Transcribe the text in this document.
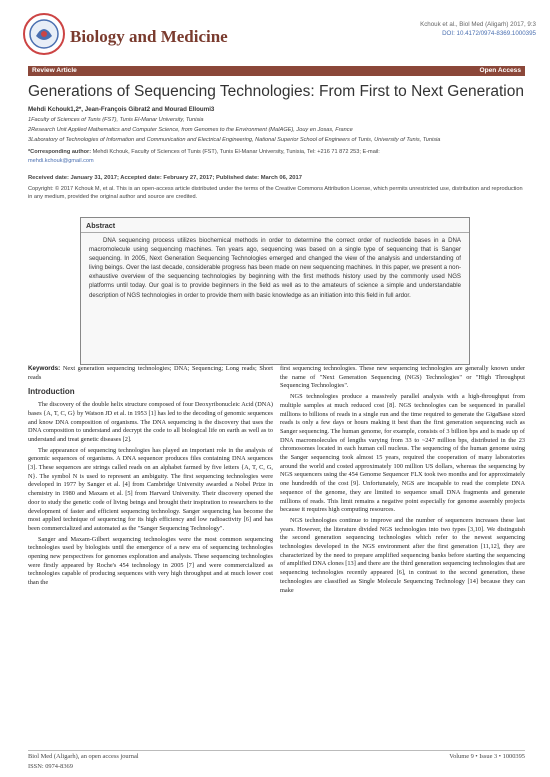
Biology and Medicine
Kchouk et al., Biol Med (Aligarh) 2017, 9:3
DOI: 10.4172/0974-8369.1000395
Review Article	Open Access
Generations of Sequencing Technologies: From First to Next Generation
Mehdi Kchouk1,2*, Jean-François Gibrat2 and Mourad Elloumi3
1Faculty of Sciences of Tunis (FST), Tunis El-Manar University, Tunisia
2Research Unit Applied Mathematics and Computer Science, from Genomes to the Environment (MaIAGE), Jouy en Josas, France
3Laboratory of Technologies of Information and Communication and Electrical Engineering, National Superior School of Engineers of Tunis, University of Tunis, Tunisia
*Corresponding author: Mehdi Kchouk, Faculty of Sciences of Tunis (FST), Tunis El-Manar University, Tunisia, Tel: +216 71 872 253; E-mail:
mehdi.kchouk@gmail.com
Received date: January 31, 2017; Accepted date: February 27, 2017; Published date: March 06, 2017
Copyright: © 2017 Kchouk M, et al. This is an open-access article distributed under the terms of the Creative Commons Attribution License, which permits unrestricted use, distribution and reproduction in any medium, provided the original author and source are credited.
Abstract
DNA sequencing process utilizes biochemical methods in order to determine the correct order of nucleotide bases in a DNA macromolecule using sequencing machines. Ten years ago, sequencing was based on a single type of sequencing that is Sanger sequencing. In 2005, Next Generation Sequencing Technologies emerged and changed the view of the analysis and understanding of living beings. Over the last decade, considerable progress has been made on new sequencing machines. In this paper, we present a non-exhaustive overview of the sequencing technologies by beginning with the first methods history used by the commonly used NGS platforms until today. Our goal is to provide beginners in the field as well as to the amateurs of science a simple and understandable description of NGS technologies in order to provide them with basic knowledge as an initiation into this field in full ardor.

Keywords: Next generation sequencing technologies; DNA; Sequencing; Long reads; Short reads

Introduction

The discovery of the double helix structure composed of four Deoxyribonucleic Acid (DNA) bases {A, T, C, G} by Watson JD et al. in 1953 [1] has led to the decoding of genomic sequences and know DNA composition of organisms. The DNA sequencing is the discovery that uses the DNA composition to understand and decrypt the code to all biological life on earth as well as to understand and treat genetic diseases [2].

The appearance of sequencing technologies has played an important role in the analysis of genomic sequences of organisms. A DNA sequencer produces files containing DNA sequences [3]. These sequences are strings called reads on an alphabet farmed by five letters {A, T, C, G, N}. The symbol N is used to represent an ambiguity. The first sequencing technologies were developed in 1977 by Sanger et al. [4] from Cambridge University awarded a Nobel Prize in chemistry in 1980 and Maxam et al. [5] from Harvard University. Their discovery opened the door to study the genetic code of living beings and brought their inspiration to researchers to the development of faster and efficient sequencing technology. Sanger sequencing has become the most applied technique of sequencing for its high efficiency and low radioactivity [6] and has been commercialized and automated as the "Sanger Sequencing Technology".

Sanger and Maxam-Gilbert sequencing technologies were the most common sequencing technologies used by biologists until the emergence of a new era of sequencing technologies opening new perspectives for genomes exploration and analysis. These sequencing technologies were firstly appeared by Roche's 454 technology in 2005 [7] and were commercialized as technologies capable of producing sequences with very high throughput and at much lower cost than the

first sequencing technologies. These new sequencing technologies are generally known under the name of "Next Generation Sequencing (NGS) Technologies" or "High Throughput Sequencing Technologies".

NGS technologies produce a massively parallel analysis with a high-throughput from multiple samples at much reduced cost [8]. NGS technologies can be sequenced in parallel millions to billions of reads in a single run and the time required to generate the GigaBase sized reads is only a few days or hours making it best than the first generation sequencing such as Sanger sequencing. The human genome, for example, consists of 3 billion bps and is made up of DNA macromolecules of lengths varying from 33 to ~247 million bps, distributed in the 23 chromosomes located in each human cell nucleus. The sequencing of the human genome using the Sanger sequencing took almost 15 years, required the cooperation of many laboratories around the world and costed approximately 100 million US dollars, whereas the sequencing by NGS sequencers using the 454 Genome Sequencer FLX took two months and for approximately one hundredth of the cost [9]. Unfortunately, NGS are incapable to read the complete DNA sequence of the genome, they are limited to sequence small DNA fragments and generate millions of reads. This limit remains a negative point especially for genome assembly projects because it requires high computing resources.

NGS technologies continue to improve and the number of sequencers increases these last years. However, the literature divided NGS technologies into two types [3,10]. We distinguish the second generation sequencing technologies which refer to the newest sequencing technologies developed in the NGS environment after the first generation [11,12], they are characterized by the need to prepare amplified sequencing banks before starting the sequencing of amplified DNA clones [13] and there are the third generation sequencing technologies that are sequencing technologies recently appeared [6], in contrast to the second generation, these technologies are classified as Single Molecule Sequencing Technology [14] because they can make

Biol Med (Aligarh), an open access journal
ISSN: 0974-8369
Volume 9 • Issue 3 • 1000395
